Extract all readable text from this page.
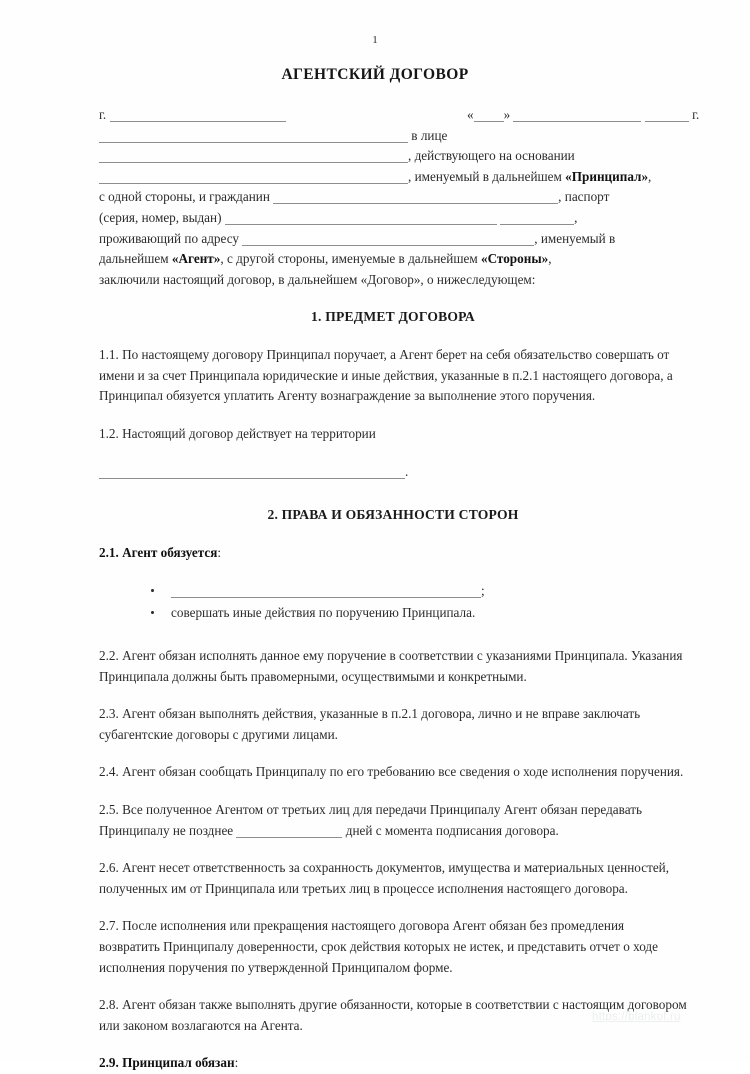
1
АГЕНТСКИЙ ДОГОВОР
г.	« »	г.
в лице
, действующего на основании
, именуемый в дальнейшем «Принципал»,
с одной стороны, и гражданин	, паспорт
(серия, номер, выдан)	,
проживающий по адресу	, именуемый в
дальнейшем «Агент», с другой стороны, именуемые в дальнейшем «Стороны»,
заключили настоящий договор, в дальнейшем «Договор», о нижеследующем:
1. ПРЕДМЕТ ДОГОВОРА

1.1. По настоящему договору Принципал поручает, а Агент берет на себя обязательство совершать от имени и за счет Принципала юридические и иные действия, указанные в п.2.1 настоящего договора, а Принципал обязуется уплатить Агенту вознаграждение за выполнение этого поручения.

1.2. Настоящий договор действует на территории

.
2. ПРАВА И ОБЯЗАННОСТИ СТОРОН

2.1. Агент обязуется:

;
совершать иные действия по поручению Принципала.

2.2. Агент обязан исполнять данное ему поручение в соответствии с указаниями Принципала. Указания Принципала должны быть правомерными, осуществимыми и конкретными.

2.3. Агент обязан выполнять действия, указанные в п.2.1 договора, лично и не вправе заключать субагентские договоры с другими лицами.

2.4. Агент обязан сообщать Принципалу по его требованию все сведения о ходе исполнения поручения.

2.5. Все полученное Агентом от третьих лиц для передачи Принципалу Агент обязан передавать Принципалу не позднее	дней с момента подписания договора.

2.6. Агент несет ответственность за сохранность документов, имущества и материальных ценностей, полученных им от Принципала или третьих лиц в процессе исполнения настоящего договора.

2.7. После исполнения или прекращения настоящего договора Агент обязан без промедления возвратить Принципалу доверенности, срок действия которых не истек, и представить отчет о ходе исполнения поручения по утвержденной Принципалом форме.

2.8. Агент обязан также выполнять другие обязанности, которые в соответствии с настоящим договором или законом возлагаются на Агента.

2.9. Принципал обязан:

https://blankof.ru
